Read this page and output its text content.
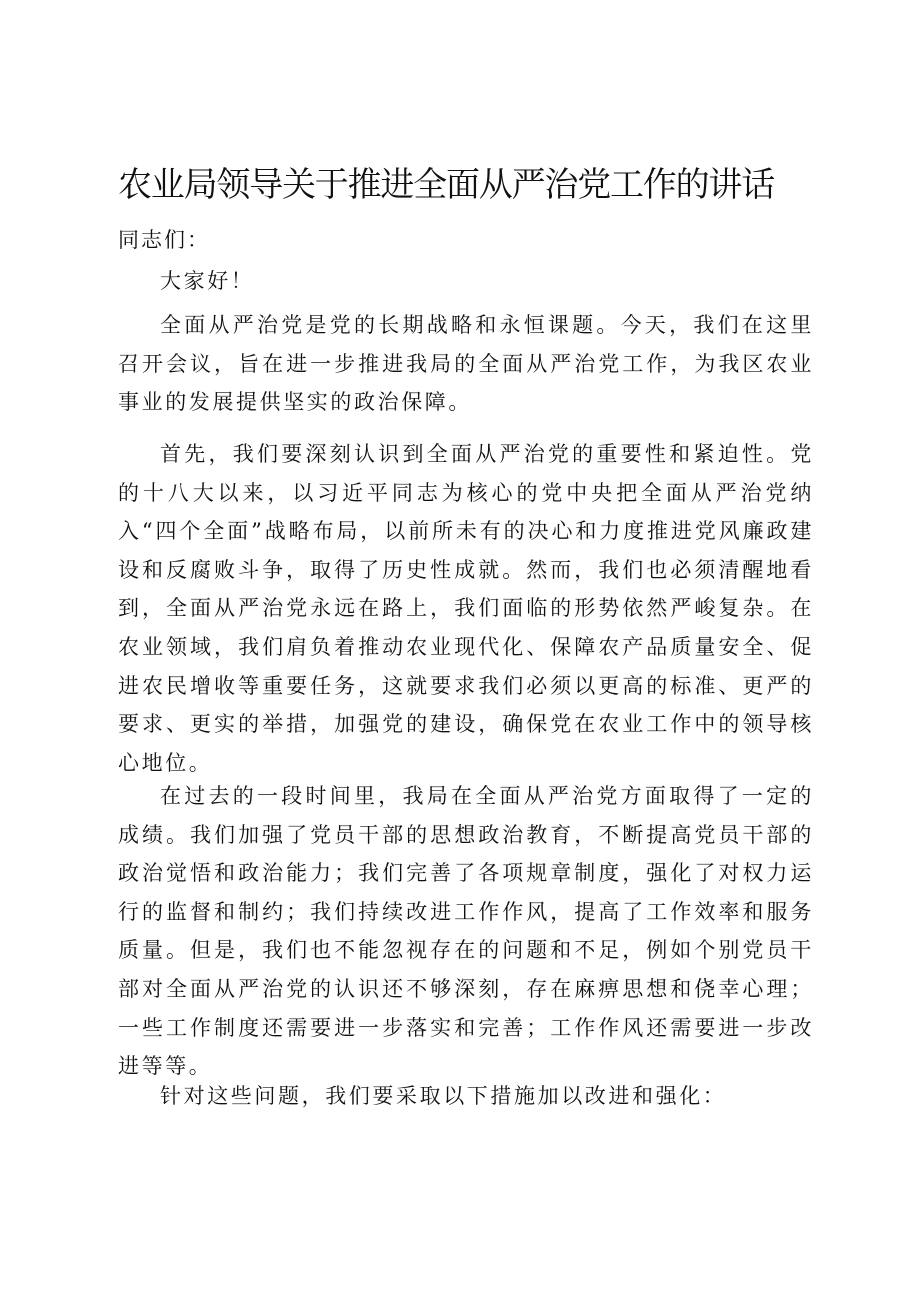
农业局领导关于推进全面从严治党工作的讲话

同志们：

大家好！

全面从严治党是党的长期战略和永恒课题。今天，我们在这里召开会议，旨在进一步推进我局的全面从严治党工作，为我区农业事业的发展提供坚实的政治保障。

首先，我们要深刻认识到全面从严治党的重要性和紧迫性。党的十八大以来，以习近平同志为核心的党中央把全面从严治党纳入“四个全面”战略布局，以前所未有的决心和力度推进党风廉政建设和反腐败斗争，取得了历史性成就。然而，我们也必须清醒地看到，全面从严治党永远在路上，我们面临的形势依然严峻复杂。在农业领域，我们肩负着推动农业现代化、保障农产品质量安全、促进农民增收等重要任务，这就要求我们必须以更高的标准、更严的要求、更实的举措，加强党的建设，确保党在农业工作中的领导核心地位。

在过去的一段时间里，我局在全面从严治党方面取得了一定的成绩。我们加强了党员干部的思想政治教育，不断提高党员干部的政治觉悟和政治能力；我们完善了各项规章制度，强化了对权力运行的监督和制约；我们持续改进工作作风，提高了工作效率和服务质量。但是，我们也不能忽视存在的问题和不足，例如个别党员干部对全面从严治党的认识还不够深刻，存在麻痹思想和侥幸心理；一些工作制度还需要进一步落实和完善；工作作风还需要进一步改进等等。

针对这些问题，我们要采取以下措施加以改进和强化：
